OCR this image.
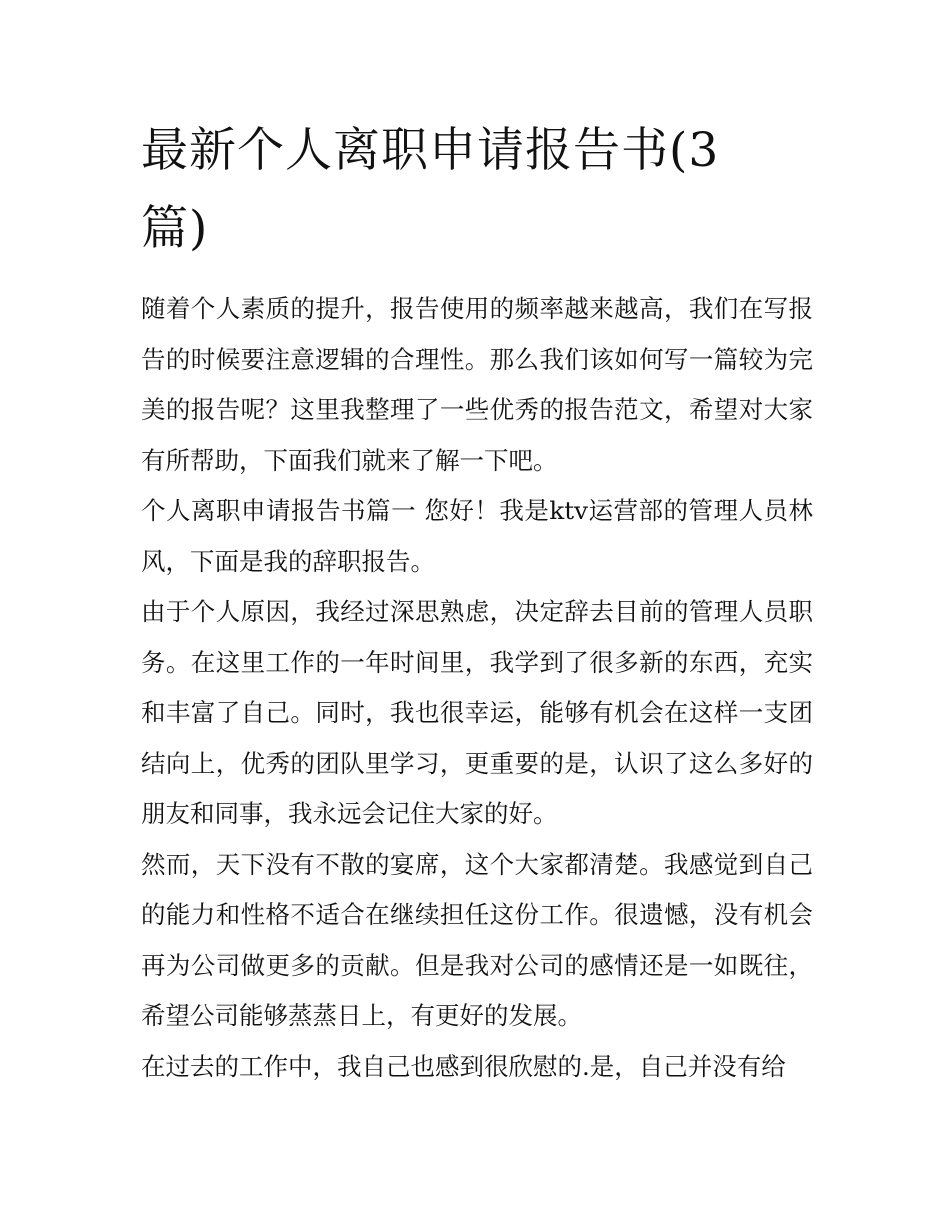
最新个人离职申请报告书(3篇)

随着个人素质的提升，报告使用的频率越来越高，我们在写报告的时候要注意逻辑的合理性。那么我们该如何写一篇较为完美的报告呢？这里我整理了一些优秀的报告范文，希望对大家有所帮助，下面我们就来了解一下吧。

个人离职申请报告书篇一 您好！我是ktv运营部的管理人员林风，下面是我的辞职报告。

由于个人原因，我经过深思熟虑，决定辞去目前的管理人员职务。在这里工作的一年时间里，我学到了很多新的东西，充实和丰富了自己。同时，我也很幸运，能够有机会在这样一支团结向上，优秀的团队里学习，更重要的是，认识了这么多好的朋友和同事，我永远会记住大家的好。

然而，天下没有不散的宴席，这个大家都清楚。我感觉到自己的能力和性格不适合在继续担任这份工作。很遗憾，没有机会再为公司做更多的贡献。但是我对公司的感情还是一如既往，希望公司能够蒸蒸日上，有更好的发展。

在过去的工作中，我自己也感到很欣慰的.是，自己并没有给
